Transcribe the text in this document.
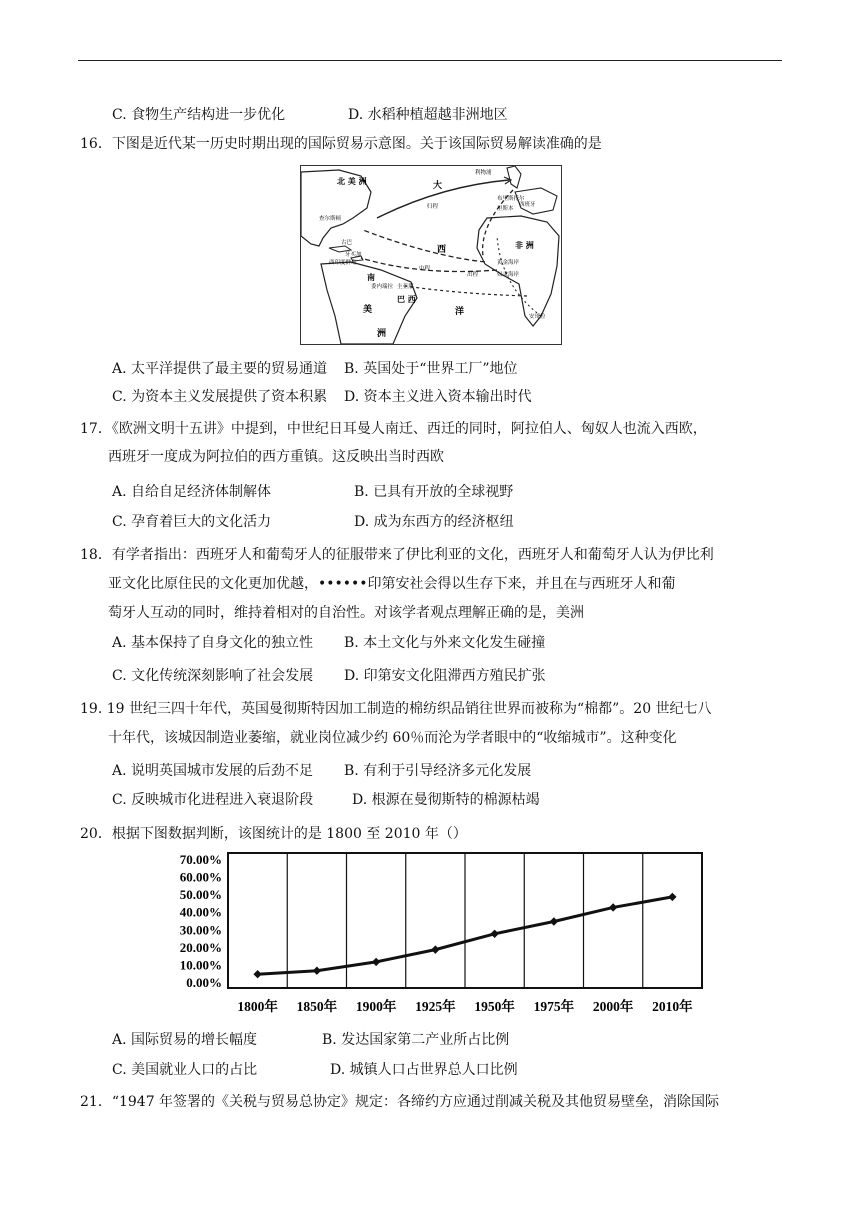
C. 食物生产结构进一步优化	D. 水稻种植超越非洲地区
16．下图是近代某一历史时期出现的国际贸易示意图。关于该国际贸易解读准确的是
北 美 洲	大
西
洋
非 洲
南
美
洲
巴 西
利物浦
布里斯托尔
里斯本
西班牙
查尔斯顿
古巴
牙买加
西印度群岛	黄金海岸
奴隶海岸
安哥拉
归程
出程
中程
委内瑞拉 圭亚那
A. 太平洋提供了最主要的贸易通道 B. 英国处于“世界工厂”地位
C. 为资本主义发展提供了资本积累 D. 资本主义进入资本输出时代
17．《欧洲文明十五讲》中提到，中世纪日耳曼人南迁、西迁的同时，阿拉伯人、匈奴人也流入西欧，
西班牙一度成为阿拉伯的西方重镇。这反映出当时西欧
A. 自给自足经济体制解体	B. 已具有开放的全球视野
C. 孕育着巨大的文化活力	D. 成为东西方的经济枢纽
18．有学者指出：西班牙人和葡萄牙人的征服带来了伊比利亚的文化，西班牙人和葡萄牙人认为伊比利
亚文化比原住民的文化更加优越，••••••印第安社会得以生存下来，并且在与西班牙人和葡
萄牙人互动的同时，维持着相对的自治性。对该学者观点理解正确的是，美洲
A. 基本保持了自身文化的独立性 B. 本土文化与外来文化发生碰撞
C. 文化传统深刻影响了社会发展 D. 印第安文化阻滞西方殖民扩张
19. 19 世纪三四十年代，英国曼彻斯特因加工制造的棉纺织品销往世界而被称为“棉都”。20 世纪七八
十年代，该城因制造业萎缩，就业岗位减少约 60％而沦为学者眼中的“收缩城市”。这种变化
A. 说明英国城市发展的后劲不足 B. 有利于引导经济多元化发展
C. 反映城市化进程进入衰退阶段	D. 根源在曼彻斯特的棉源枯竭
20．根据下图数据判断，该图统计的是 1800 至 2010 年（）
70.00%
60.00%
50.00%
40.00%
30.00%
20.00%
10.00%
0.00%
1800年 1850年 1900年 1925年 1950年 1975年 2000年 2010年
A. 国际贸易的增长幅度	B. 发达国家第二产业所占比例
C. 美国就业人口的占比	D. 城镇人口占世界总人口比例
21．“1947 年签署的《关税与贸易总协定》规定：各缔约方应通过削减关税及其他贸易壁垒，消除国际
